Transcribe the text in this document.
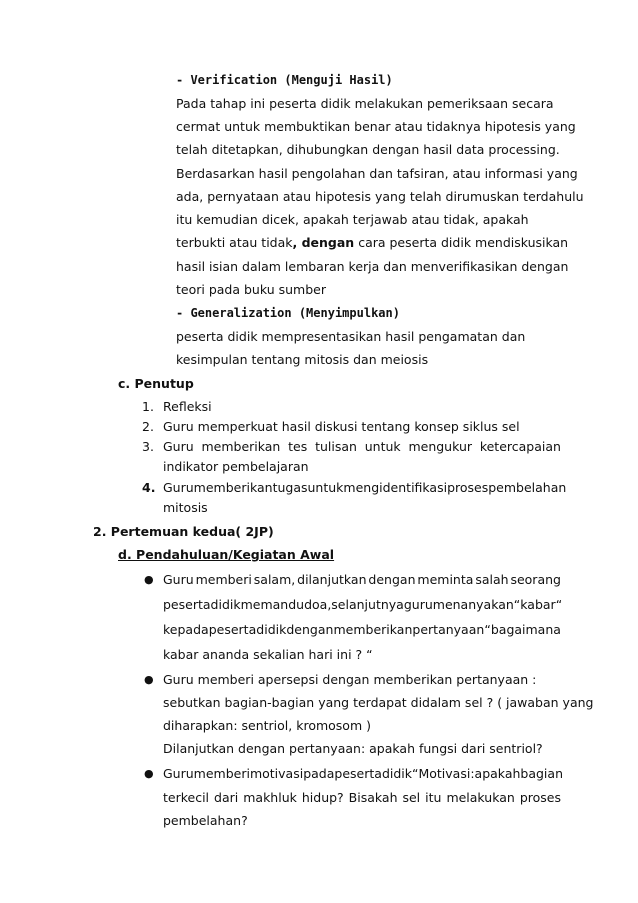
- Verification (Menguji Hasil)
Pada tahap ini peserta didik melakukan pemeriksaan secara
cermat untuk membuktikan benar atau tidaknya hipotesis yang
telah ditetapkan, dihubungkan dengan hasil data processing.
Berdasarkan hasil pengolahan dan tafsiran, atau informasi yang
ada, pernyataan atau hipotesis yang telah dirumuskan terdahulu
itu kemudian dicek, apakah terjawab atau tidak, apakah
terbukti atau tidak, dengan cara peserta didik mendiskusikan
hasil isian dalam lembaran kerja dan menverifikasikan dengan
teori pada buku sumber
- Generalization (Menyimpulkan)
peserta didik mempresentasikan hasil pengamatan dan
kesimpulan tentang mitosis dan meiosis
c. Penutup
1. Refleksi
2. Guru memperkuat hasil diskusi tentang konsep siklus sel
3. Guru memberikan tes tulisan untuk mengukur ketercapaian
indikator pembelajaran
4. Guru memberikan tugas untuk mengidentifikasi proses pembelahan
mitosis
2. Pertemuan kedua( 2JP)
d. Pendahuluan/Kegiatan Awal
● Guru memberi salam, dilanjutkan dengan meminta salah seorang
peserta didik memandu doa, selanjutnya guru menanyakan “ kabar “
kepada peserta didik dengan memberikan pertanyaan “ bagaimana
kabar ananda sekalian hari ini ? “
● Guru memberi apersepsi dengan memberikan pertanyaan :
sebutkan bagian-bagian yang terdapat didalam sel ? ( jawaban yang
diharapkan: sentriol, kromosom )
Dilanjutkan dengan pertanyaan: apakah fungsi dari sentriol?
● Guru memberi motivasi pada peserta didik “Motivasi: apakah bagian
terkecil dari makhluk hidup? Bisakah sel itu melakukan proses
pembelahan?
